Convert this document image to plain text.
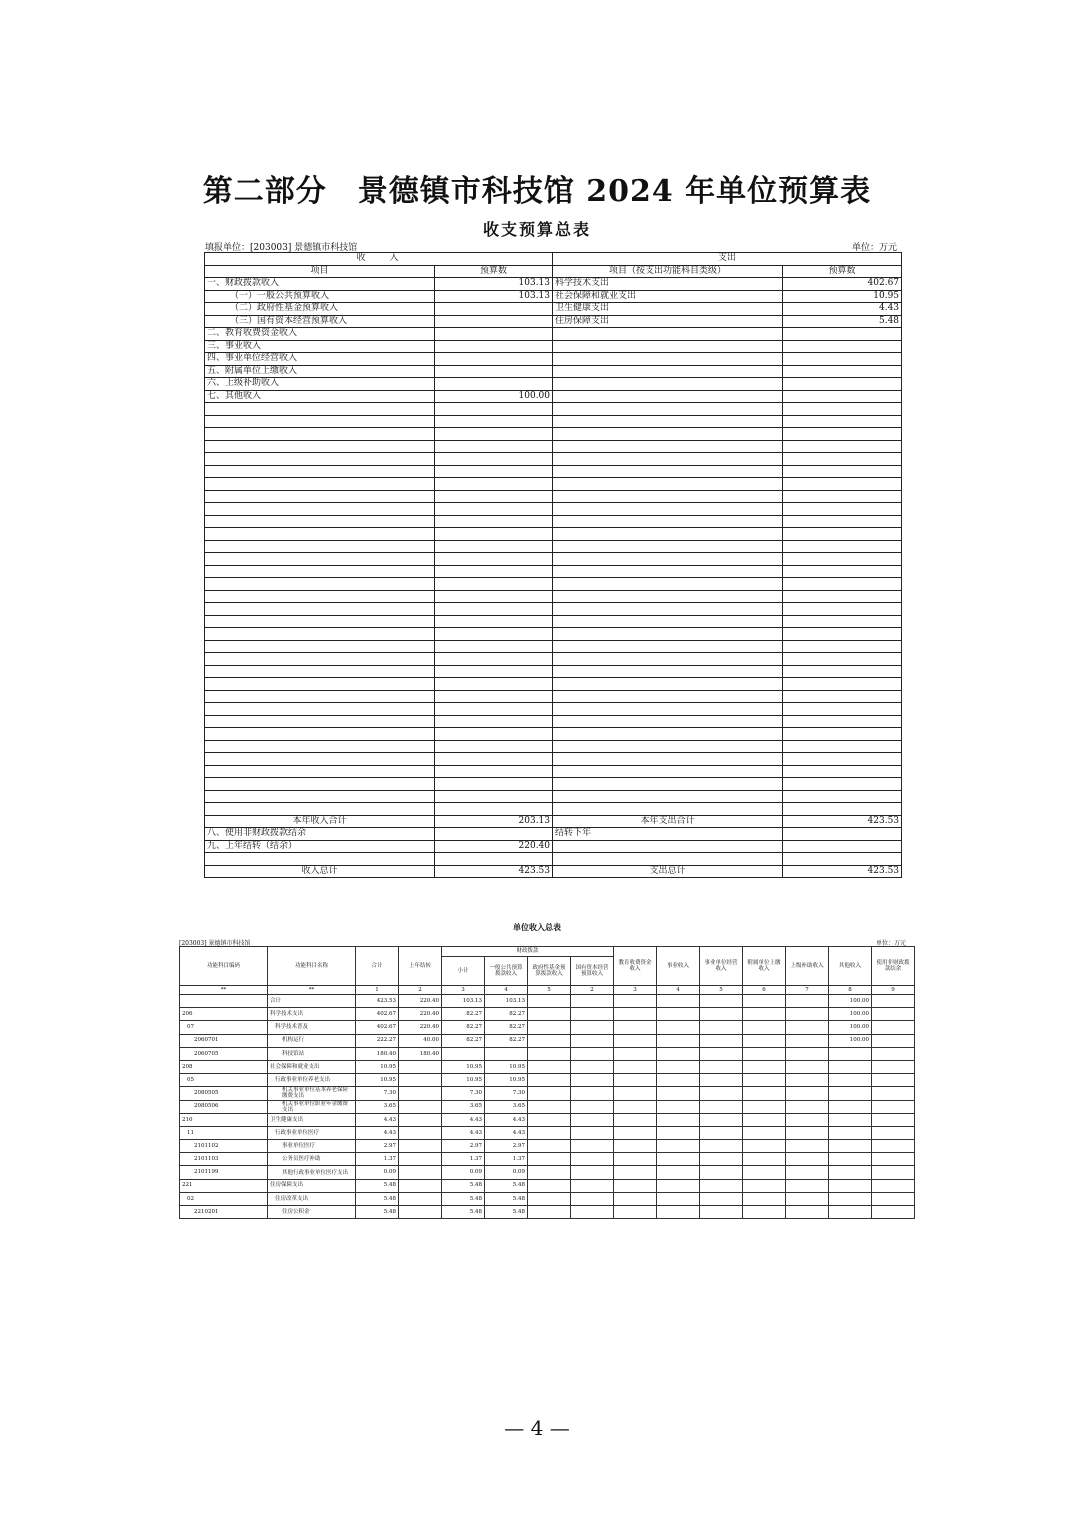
第二部分　景德镇市科技馆 2024 年单位预算表
收支预算总表
填报单位：[203003] 景德镇市科技馆	单位：万元
收　　入		支出	
项目	预算数	项目（按支出功能科目类级）	预算数
一、财政拨款收入	103.13	科学技术支出	402.67
（一）一般公共预算收入	103.13	社会保障和就业支出	10.95
（二）政府性基金预算收入		卫生健康支出	4.43
（三）国有资本经营预算收入		住房保障支出	5.48
二、教育收费资金收入			
三、事业收入			
四、事业单位经营收入			
五、附属单位上缴收入			
六、上级补助收入			
七、其他收入	100.00		

本年收入合计	203.13	本年支出合计	423.53
八、使用非财政拨款结余		结转下年	
九、上年结转（结余）	220.40		

收入总计	423.53	支出总计	423.53
单位收入总表
[203003] 景德镇市科技馆	单位：万元
功能科目编码	功能科目名称	合计	上年结转	财政拨款				教育收费资金收入	事业收入	事业单位经营收入	附属单位上缴收入	上级补助收入	其他收入	使用非财政拨款结余
				小计	一般公共预算拨款收入	政府性基金预算拨款收入	国有资本经营预算收入							
**	**	1	2	3	4	5	2	3	4	5	6	7	8	9
	合计	423.53	220.40	103.13	103.13								100.00	
206	科学技术支出	402.67	220.40	82.27	82.27								100.00	
07	科学技术普及	402.67	220.40	82.27	82.27								100.00	
2060701	机构运行	222.27	40.00	82.27	82.27								100.00	
2060705	科技馆站	180.40	180.40											
208	社会保障和就业支出	10.95		10.95	10.95									
05	行政事业单位养老支出	10.95		10.95	10.95									
2080505	机关事业单位基本养老保险缴费支出	7.30		7.30	7.30									
2080506	机关事业单位职业年金缴费支出	3.65		3.65	3.65									
210	卫生健康支出	4.43		4.43	4.43									
11	行政事业单位医疗	4.43		4.43	4.43									
2101102	事业单位医疗	2.97		2.97	2.97									
2101103	公务员医疗补助	1.37		1.37	1.37									
2101199	其他行政事业单位医疗支出	0.09		0.09	0.09									
221	住房保障支出	5.48		5.48	5.48									
02	住房改革支出	5.48		5.48	5.48									
2210201	住房公积金	5.48		5.48	5.48									
— 4 —
